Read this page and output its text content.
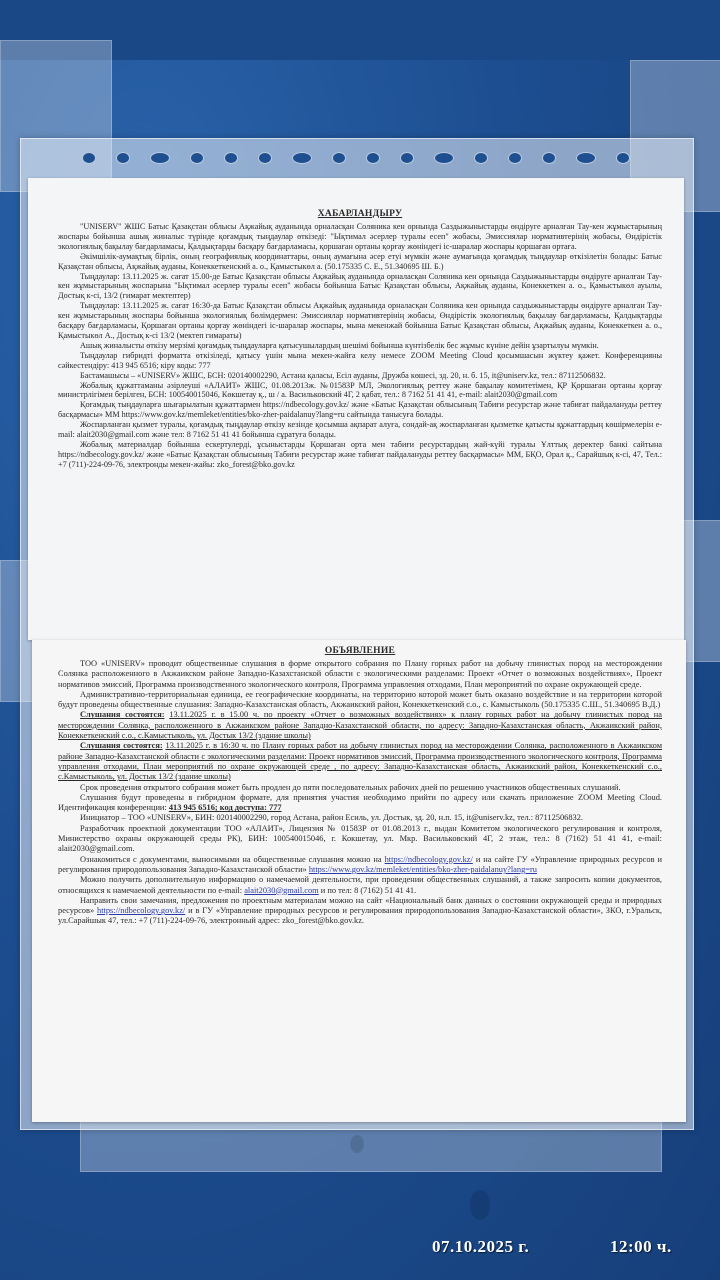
ХАБАРЛАНДЫРУ

"UNISERV" ЖШС Батыс Қазақстан облысы Ақжайық ауданында орналасқан Соляника кен орнында Саздыжыныстарды өндіруге арналған Тау-кен жұмыстарының жоспары бойынша ашық жиналыс түрінде қоғамдық тыңдаулар өткізеді: "Ықтимал әсерлер туралы есеп" жобасы, Эмиссиялар нормативтерінің жобасы, Өндірістік экологиялық бақылау бағдарламасы, Қалдықтарды басқару бағдарламасы, қоршаған ортаны қорғау жөніндегі іс-шаралар жоспары қоршаған ортаға.

Әкімшілік-аумақтық бірлік, оның географиялық координаттары, оның аумағына әсер етуі мүмкін және аумағында қоғамдық тыңдаулар өткізілетін болады: Батыс Қазақстан облысы, Ақжайық ауданы, Конеккеткенский а. о., Қамыстыкөл а. (50.175335 С. Е., 51.340695 Ш. Б.)

Тыңдаулар: 13.11.2025 ж. сағат 15.00-де Батыс Қазақстан облысы Ақжайық ауданында орналасқан Соляника кен орнында Саздыжыныстарды өндіруге арналған Тау-кен жұмыстарының жоспарына "Ықтимал әсерлер туралы есеп" жобасы бойынша Батыс Қазақстан облысы, Ақжайық ауданы, Конеккеткен а. о., Қамыстыкөл ауылы, Достық к-сі, 13/2 (гимарат мектептер)

Тыңдаулар: 13.11.2025 ж. сағат 16:30-да Батыс Қазақстан облысы Ақжайық ауданында орналасқан Соляника кен орнында саздыжыныстарды өндіруге арналған Тау-кен жұмыстарының жоспары бойынша экологиялық бөлімдермен: Эмиссиялар нормативтерінің жобасы, Өндірістік экологиялық бақылау бағдарламасы, Қалдықтарды басқару бағдарламасы, Қоршаған ортаны қорғау жөніндегі іс-шаралар жоспары, мына мекенжай бойынша Батыс Қазақстан облысы, Ақжайық ауданы, Конеккеткен а. о., Қамыстыкөл А., Достық к-сі 13/2 (мектеп гимараты)

Ашық жиналысты өткізу мерзімі қоғамдық тыңдауларға қатысушылардың шешімі бойынша күнтізбелік бес жұмыс күніне дейін ұзартылуы мүмкін.

Тыңдаулар гибридті форматта өткізіледі, қатысу үшін мына мекен-жайға келу немесе ZOOM Meeting Cloud қосымшасын жүктеу қажет. Конференцияны сәйкестендіру: 413 945 6516; кіру коды: 777

Бастамашысы – «UNISERV» ЖШС, БСН: 020140002290, Астана қаласы, Есіл ауданы, Дружба көшесі, зд. 20, н. б. 15, it@uniserv.kz, тел.: 87112506832.

Жобалық құжаттаманы әзірлеуші «АЛАИТ» ЖШС, 01.08.2013ж. №01583Р МЛ, Экологиялық реттеу және бақылау комитетімен, ҚР Қоршаған ортаны қорғау министрлігімен берілген, БСН: 100540015046, Көкшетау қ., ш / а. Васильковский 4Г, 2 қабат, тел.: 8 7162 51 41 41, e-mail: alait2030@gmail.com

Қоғамдық тыңдауларға шығарылатын құжаттармен https://ndbecology.gov.kz/ және «Батыс Қазақстан облысының Табиғи ресурстар және табиғат пайдалануды реттеу басқармасы» ММ https://www.gov.kz/memleket/entities/bko-zher-paidalanuy?lang=ru сайтында танысуға болады.

Жоспарланған қызмет туралы, қоғамдық тыңдаулар өткізу кезінде қосымша ақпарат алуға, сондай-ақ жоспарланған қызметке қатысты құжаттардың көшірмелерін e-mail: alait2030@gmail.com және тел: 8 7162 51 41 41 бойынша сұратуға болады.

Жобалық материалдар бойынша ескертулерді, ұсыныстарды Қоршаған орта мен табиғи ресурстардың жай-күйі туралы Ұлттық деректер банкі сайтына https://ndbecology.gov.kz/ және «Батыс Қазақстан облысының Табиғи ресурстар және табиғат пайдалануды реттеу басқармасы» ММ, БҚО, Орал қ., Сарайшық к-сі, 47, Тел.: +7 (711)-224-09-76, электронды мекен-жайы: zko_forest@bko.gov.kz

ОБЪЯВЛЕНИЕ

ТОО «UNISERV» проводит общественные слушания в форме открытого собрания по Плану горных работ на добычу глинистых пород на месторождении Солянка расположенного в Акжаикском районе Западно-Казахстанской области с экологическими разделами: Проект «Отчет о возможных воздействиях», Проект нормативов эмиссий, Программа производственного экологического контроля, Программа управления отходами, План мероприятий по охране окружающей среде.

Административно-территориальная единица, ее географические координаты, на территорию которой может быть оказано воздействие и на территории которой будут проведены общественные слушания: Западно-Казахстанская область, Акжаикский район, Конеккеткенский с.о., с. Камыстыколь (50.175335 С.Ш., 51.340695 В.Д.)

Слушания состоятся: 13.11.2025 г. в 15.00 ч. по проекту «Отчет о возможных воздействиях» к плану горных работ на добычу глинистых пород на месторождении Солянка, расположенного в Акжаикском районе Западно-Казахстанской области, по адресу: Западно-Казахстанская область, Акжаикский район, Конеккеткенский с.о., с.Камыстыколь, ул. Достык 13/2 (здание школы)

Слушания состоятся: 13.11.2025 г. в 16:30 ч. по Плану горных работ на добычу глинистых пород на месторождении Солянка, расположенного в Акжаикском районе Западно-Казахстанской области с экологическими разделами: Проект нормативов эмиссий, Программа производственного экологического контроля, Программа управления отходами, План мероприятий по охране окружающей среде , по адресу: Западно-Казахстанская область, Акжаикский район, Конеккеткенский с.о., с.Камыстыколь, ул. Достык 13/2 (здание школы)

Срок проведения открытого собрания может быть продлен до пяти последовательных рабочих дней по решению участников общественных слушаний.

Слушания будут проведены в гибридном формате, для принятия участия необходимо прийти по адресу или скачать приложение ZOOM Meeting Cloud. Идентификация конференции: 413 945 6516; код доступа: 777

Инициатор – ТОО «UNISERV», БИН: 020140002290, город Астана, район Есиль, ул. Достык, зд. 20, н.п. 15, it@uniserv.kz, тел.: 87112506832.

Разработчик проектной документации ТОО «АЛАИТ», Лицензия № 01583Р от 01.08.2013 г., выдан Комитетом экологического регулирования и контроля, Министерство охраны окружающей среды РК), БИН: 100540015046, г. Кокшетау, ул. Мкр. Васильковский 4Г, 2 этаж, тел.: 8 (7162) 51 41 41, e-mail: alait2030@gmail.com.

Ознакомиться с документами, выносимыми на общественные слушания можно на https://ndbecology.gov.kz/ и на сайте ГУ «Управление природных ресурсов и регулирования природопользования Западно-Казахстанской области» https://www.gov.kz/memleket/entities/bko-zher-paidalanuy?lang=ru

Можно получить дополнительную информацию о намечаемой деятельности, при проведении общественных слушаний, а также запросить копии документов, относящихся к намечаемой деятельности по e-mail: alait2030@gmail.com и по тел: 8 (7162) 51 41 41.

Направить свои замечания, предложения по проектным материалам можно на сайт «Национальный банк данных о состоянии окружающей среды и природных ресурсов» https://ndbecology.gov.kz/ и в ГУ «Управление природных ресурсов и регулирования природопользования Западно-Казахстанской области», ЗКО, г.Уральск, ул.Сарайшык 47, тел.: +7 (711)-224-09-76, электронный адрес: zko_forest@bko.gov.kz.

07.10.2025 г.	12:00 ч.
